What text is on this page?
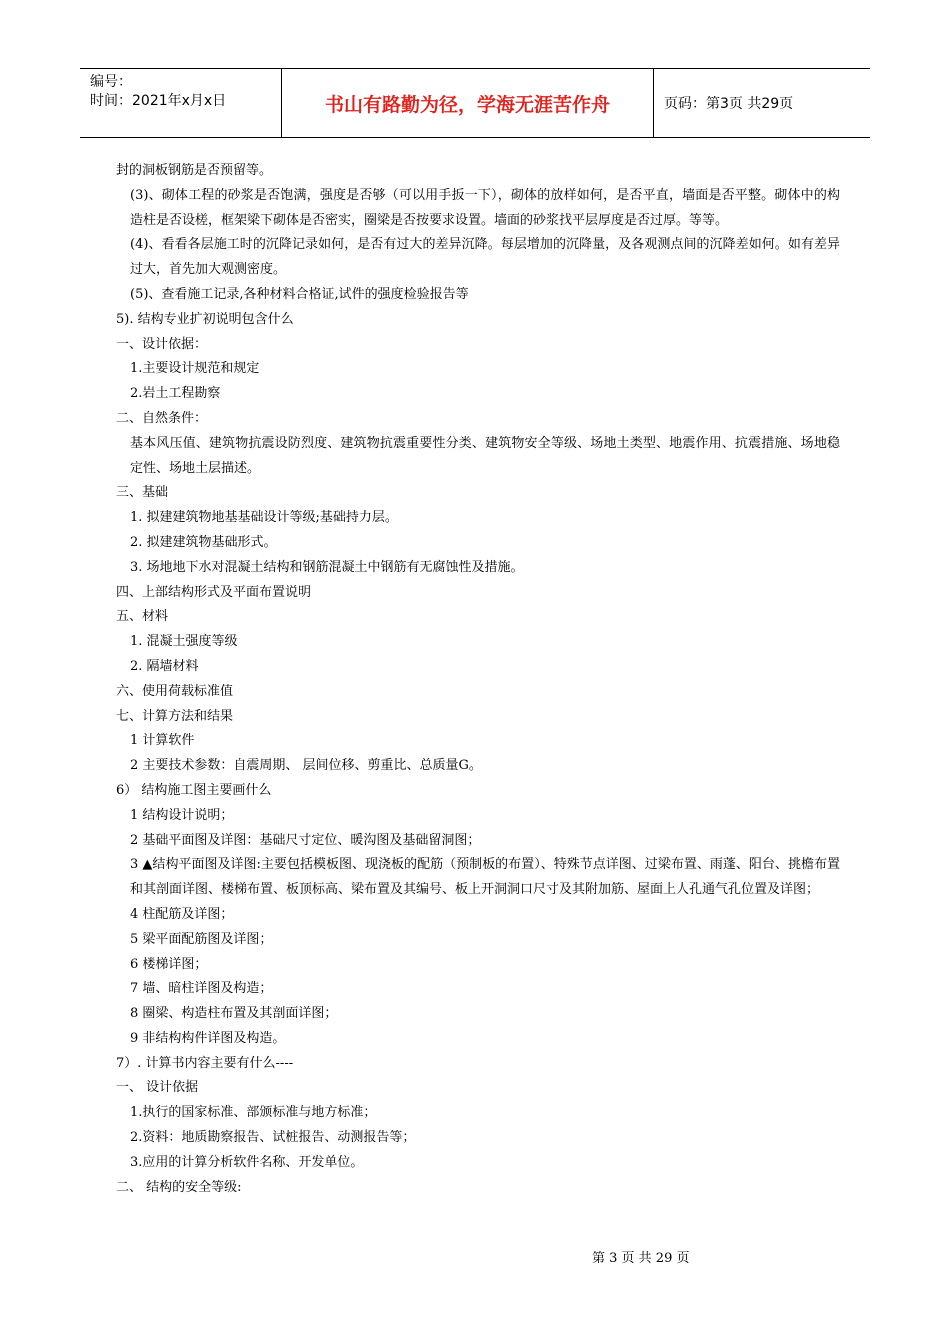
编号：
时间：2021年x月x日	书山有路勤为径，学海无涯苦作舟	页码：第3页 共29页

封的洞板钢筋是否预留等。

(3)、砌体工程的砂浆是否饱满，强度是否够（可以用手扳一下），砌体的放样如何，是否平直，墙面是否平整。砌体中的构造柱是否设槎，框架梁下砌体是否密实，圈梁是否按要求设置。墙面的砂浆找平层厚度是否过厚。等等。

(4)、看看各层施工时的沉降记录如何，是否有过大的差异沉降。每层增加的沉降量，及各观测点间的沉降差如何。如有差异过大，首先加大观测密度。

(5)、查看施工记录,各种材料合格证,试件的强度检验报告等

5). 结构专业扩初说明包含什么

一、设计依据：

1.主要设计规范和规定

2.岩土工程勘察

二、自然条件：

基本风压值、建筑物抗震设防烈度、建筑物抗震重要性分类、建筑物安全等级、场地土类型、地震作用、抗震措施、场地稳定性、场地土层描述。

三、基础

1. 拟建建筑物地基基础设计等级;基础持力层。

2. 拟建建筑物基础形式。

3. 场地地下水对混凝土结构和钢筋混凝土中钢筋有无腐蚀性及措施。

四、上部结构形式及平面布置说明

五、材料

1. 混凝土强度等级

2. 隔墙材料

六、使用荷载标准值

七、计算方法和结果

1 计算软件

2 主要技术参数：自震周期、 层间位移、剪重比、总质量G。

6） 结构施工图主要画什么

1 结构设计说明；

2 基础平面图及详图：基础尺寸定位、暖沟图及基础留洞图；

3 ▲结构平面图及详图:主要包括模板图、现浇板的配筋（预制板的布置）、特殊节点详图、过梁布置、雨蓬、阳台、挑檐布置和其剖面详图、楼梯布置、板顶标高、梁布置及其编号、板上开洞洞口尺寸及其附加筋、屋面上人孔通气孔位置及详图；

4 柱配筋及详图；

5 梁平面配筋图及详图；

6 楼梯详图；

7 墙、暗柱详图及构造；

8 圈梁、构造柱布置及其剖面详图；

9 非结构构件详图及构造。

7）. 计算书内容主要有什么----

一、 设计依据

1.执行的国家标准、部颁标准与地方标准；

2.资料：地质勘察报告、试桩报告、动测报告等；

3.应用的计算分析软件名称、开发单位。

二、 结构的安全等级:

第 3 页 共 29 页
